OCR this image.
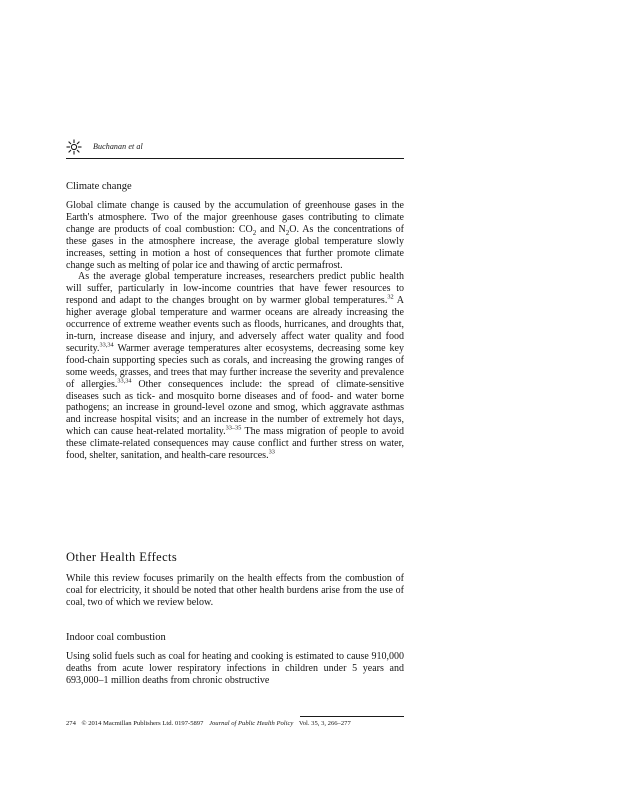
Buchanan et al
Climate change

Global climate change is caused by the accumulation of greenhouse gases in the Earth's atmosphere. Two of the major greenhouse gases contributing to climate change are products of coal combustion: $CO_2$ and $N_2O$. As the concentrations of these gases in the atmosphere increase, the average global temperature slowly increases, setting in motion a host of consequences that further promote climate change such as melting of polar ice and thawing of arctic permafrost.

As the average global temperature increases, researchers predict public health will suffer, particularly in low-income countries that have fewer resources to respond and adapt to the changes brought on by warmer global temperatures.$^{32}$ A higher average global temperature and warmer oceans are already increasing the occurrence of extreme weather events such as floods, hurricanes, and droughts that, in-turn, increase disease and injury, and adversely affect water quality and food security.$^{33,34}$ Warmer average temperatures alter ecosystems, decreasing some key food-chain supporting species such as corals, and increasing the growing ranges of some weeds, grasses, and trees that may further increase the severity and prevalence of allergies.$^{33,34}$ Other consequences include: the spread of climate-sensitive diseases such as tick- and mosquito borne diseases and of food- and water borne pathogens; an increase in ground-level ozone and smog, which aggravate asthmas and increase hospital visits; and an increase in the number of extremely hot days, which can cause heat-related mortality.$^{33-35}$ The mass migration of people to avoid these climate-related consequences may cause conflict and further stress on water, food, shelter, sanitation, and health-care resources.$^{33}$

Other Health Effects

While this review focuses primarily on the health effects from the combustion of coal for electricity, it should be noted that other health burdens arise from the use of coal, two of which we review below.

Indoor coal combustion

Using solid fuels such as coal for heating and cooking is estimated to cause 910,000 deaths from acute lower respiratory infections in children under 5 years and 693,000–1 million deaths from chronic obstructive

274 © 2014 Macmillan Publishers Ltd. 0197-5897 Journal of Public Health Policy Vol. 35, 3, 266–277
